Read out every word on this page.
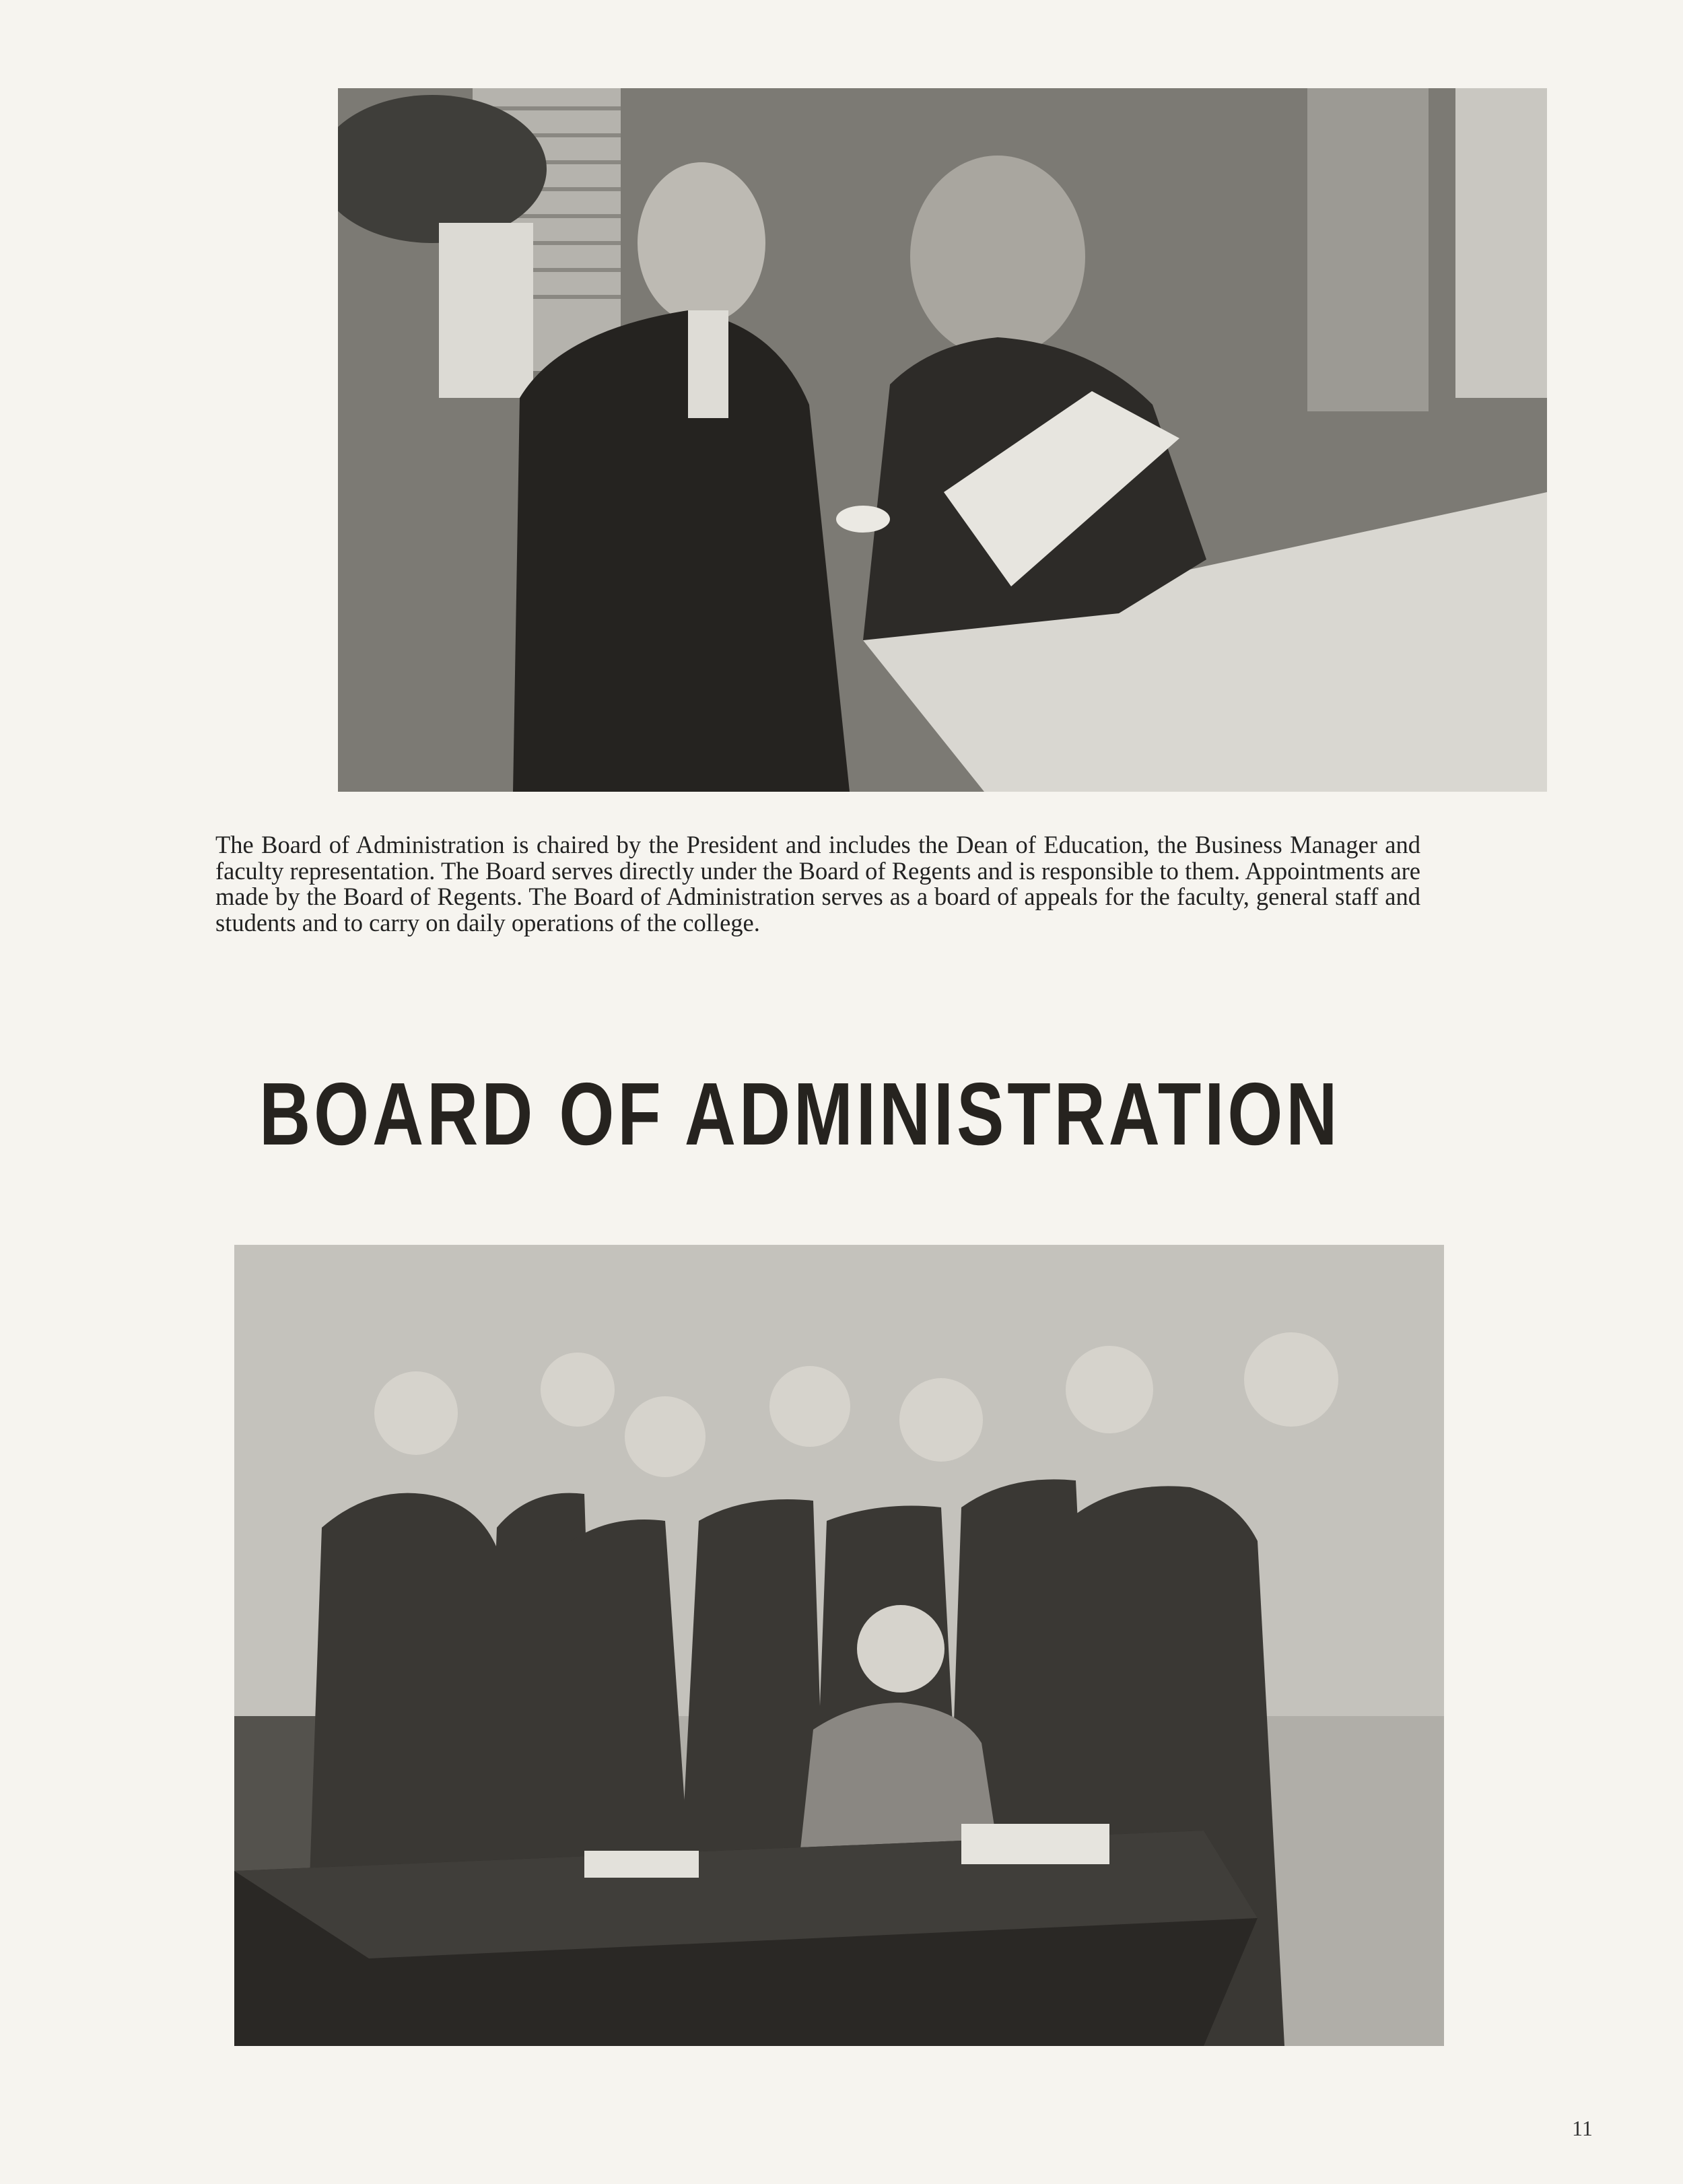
The Board of Administration is chaired by the President and includes the Dean of Education, the Business Manager and faculty representation. The Board serves directly under the Board of Regents and is responsible to them. Appointments are made by the Board of Regents. The Board of Administration serves as a board of appeals for the faculty, general staff and students and to carry on daily operations of the college.

BOARD OF ADMINISTRATION
11
